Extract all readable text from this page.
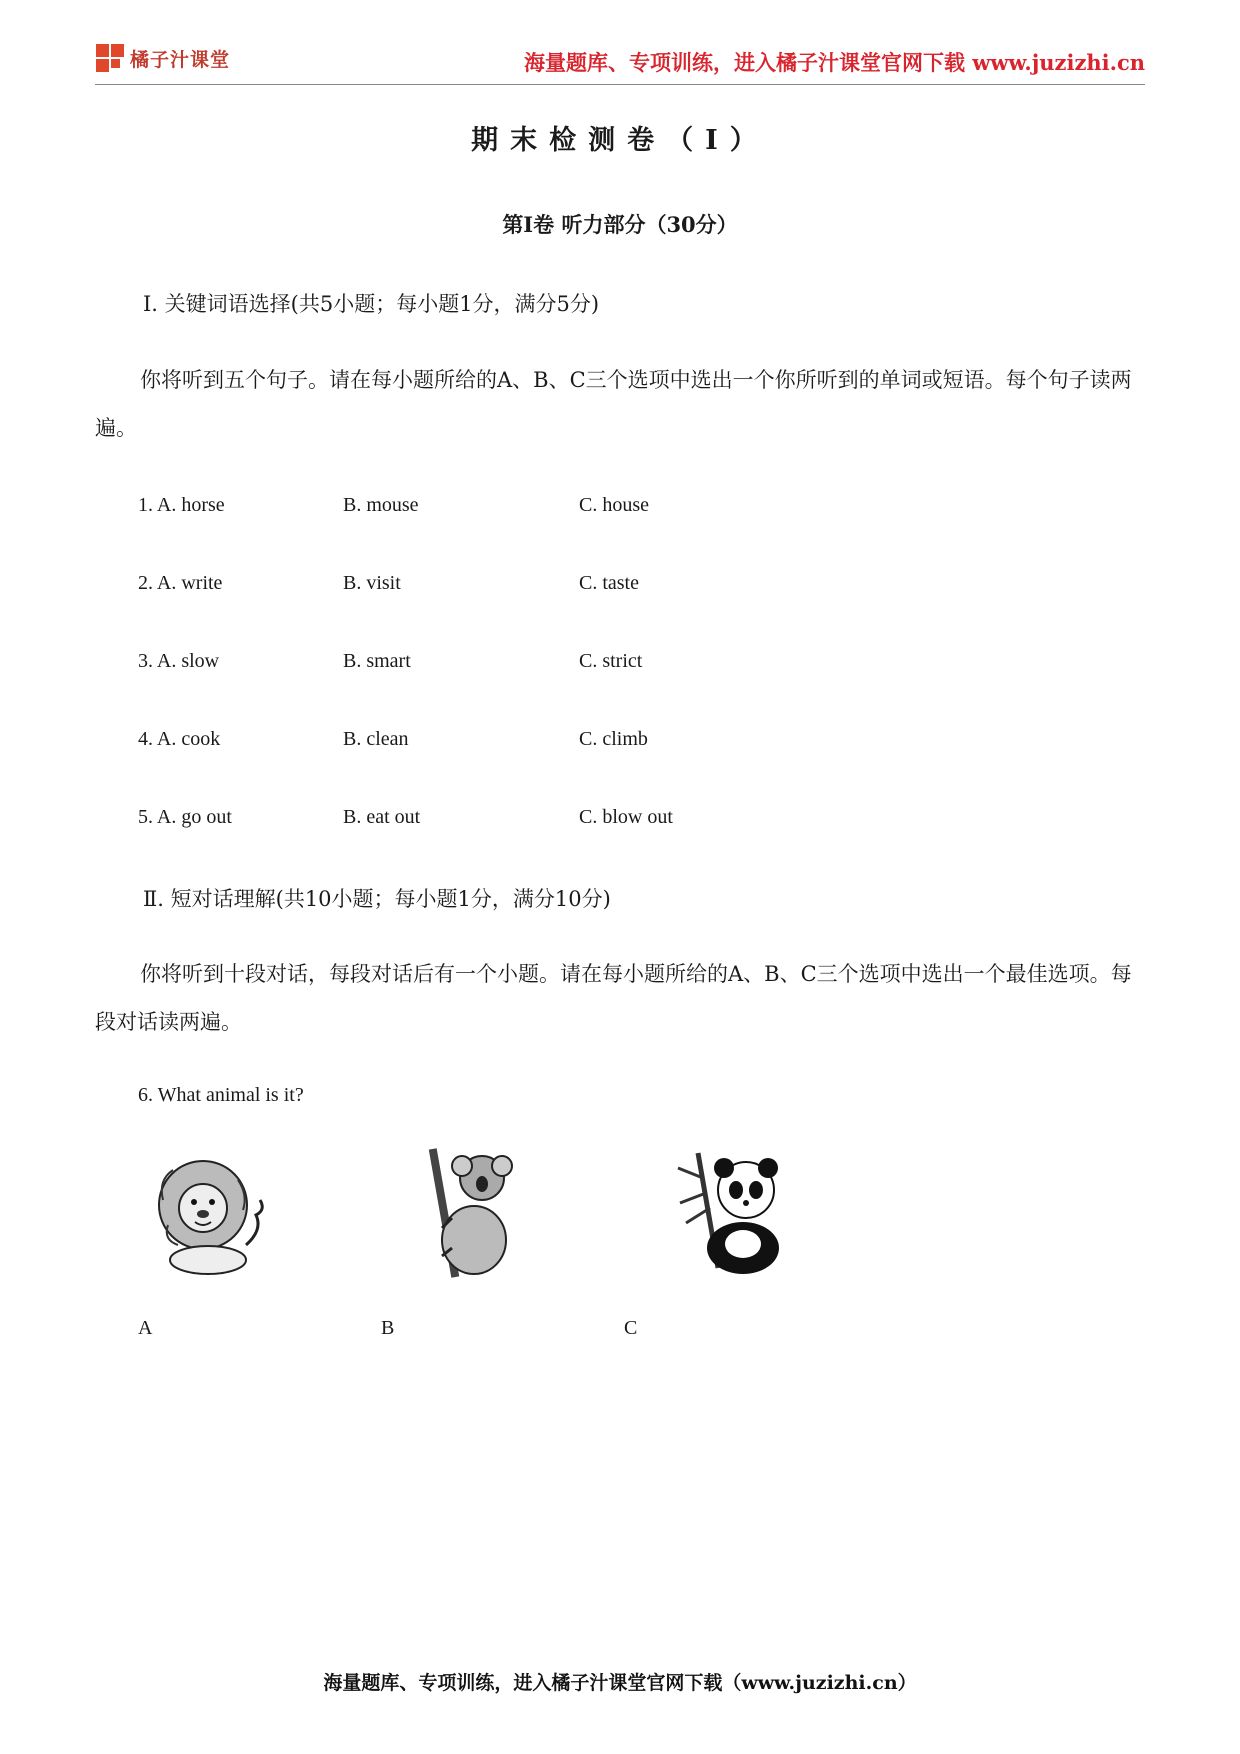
橘子汁课堂	海量题库、专项训练，进入橘子汁课堂官网下载 www.juzizhi.cn
期末检测卷（Ⅰ）
第Ⅰ卷 听力部分（30分）
Ⅰ. 关键词语选择(共5小题；每小题1分，满分5分)
你将听到五个句子。请在每小题所给的A、B、C三个选项中选出一个你所听到的单词或短语。每个句子读两遍。
1. A. horse	B. mouse	C. house
2. A. write	B. visit	C. taste
3. A. slow	B. smart	C. strict
4. A. cook	B. clean	C. climb
5. A. go out	B. eat out	C. blow out
Ⅱ. 短对话理解(共10小题；每小题1分，满分10分)
你将听到十段对话，每段对话后有一个小题。请在每小题所给的A、B、C三个选项中选出一个最佳选项。每段对话读两遍。
6. What animal is it?
A	B	C
海量题库、专项训练，进入橘子汁课堂官网下载（www.juzizhi.cn）
